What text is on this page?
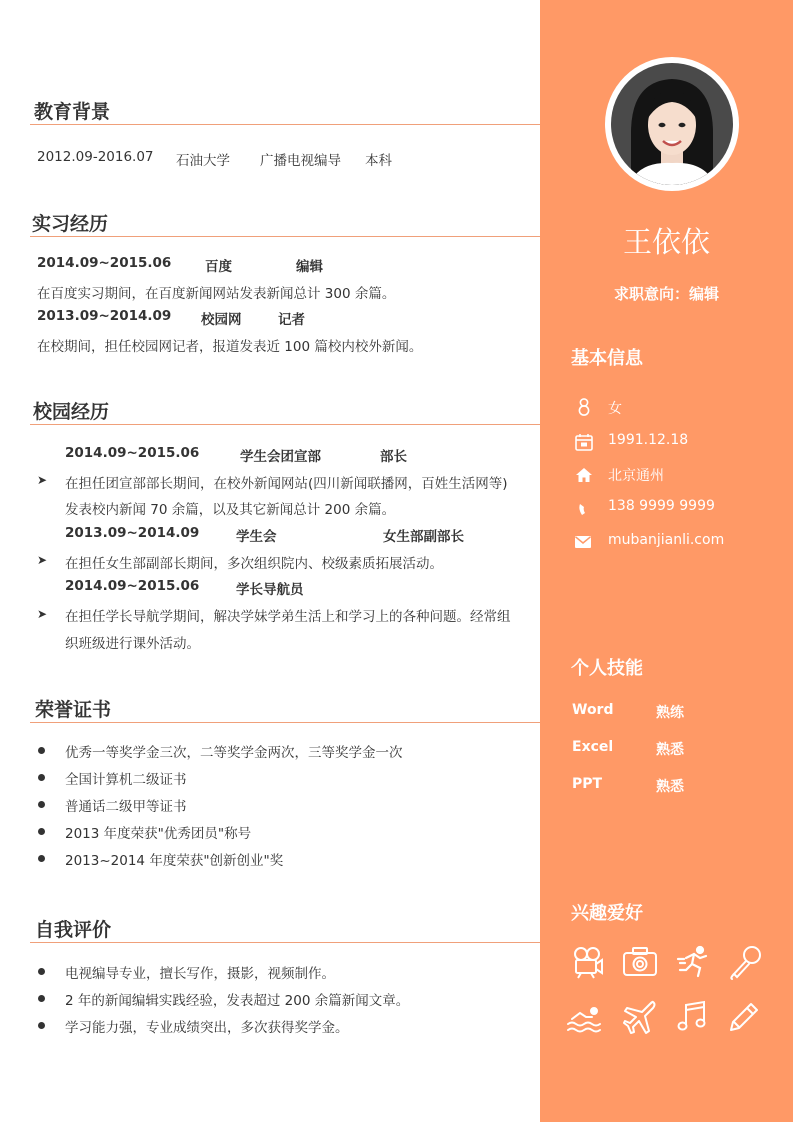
教育背景
2012.09-2016.07 石油大学 广播电视编导 本科
实习经历
2014.09~2015.06 百度	编辑
在百度实习期间，在百度新闻网站发表新闻总计 300 余篇。
2013.09~2014.09 校园网	记者
在校期间，担任校园网记者，报道发表近 100 篇校内校外新闻。
校园经历
2014.09~2015.06	学生会团宣部	部长
➤ 在担任团宣部部长期间，在校外新闻网站(四川新闻联播网，百姓生活网等)
发表校内新闻 70 余篇，以及其它新闻总计 200 余篇。
2013.09~2014.09	学生会	女生部副部长
➤ 在担任女生部副部长期间，多次组织院内、校级素质拓展活动。
2014.09~2015.06	学长导航员
➤ 在担任学长导航学期间，解决学妹学弟生活上和学习上的各种问题。经常组
织班级进行课外活动。
荣誉证书
优秀一等奖学金三次，二等奖学金两次，三等奖学金一次
全国计算机二级证书
普通话二级甲等证书
2013 年度荣获"优秀团员"称号
2013~2014 年度荣获"创新创业"奖
自我评价
电视编导专业，擅长写作，摄影，视频制作。
2 年的新闻编辑实践经验，发表超过 200 余篇新闻文章。
学习能力强，专业成绩突出，多次获得奖学金。
王依依
求职意向：编辑
基本信息
女
1991.12.18
北京通州
138 9999 9999
mubanjianli.com
个人技能
Word	熟练
Excel	熟悉
PPT	熟悉
兴趣爱好
